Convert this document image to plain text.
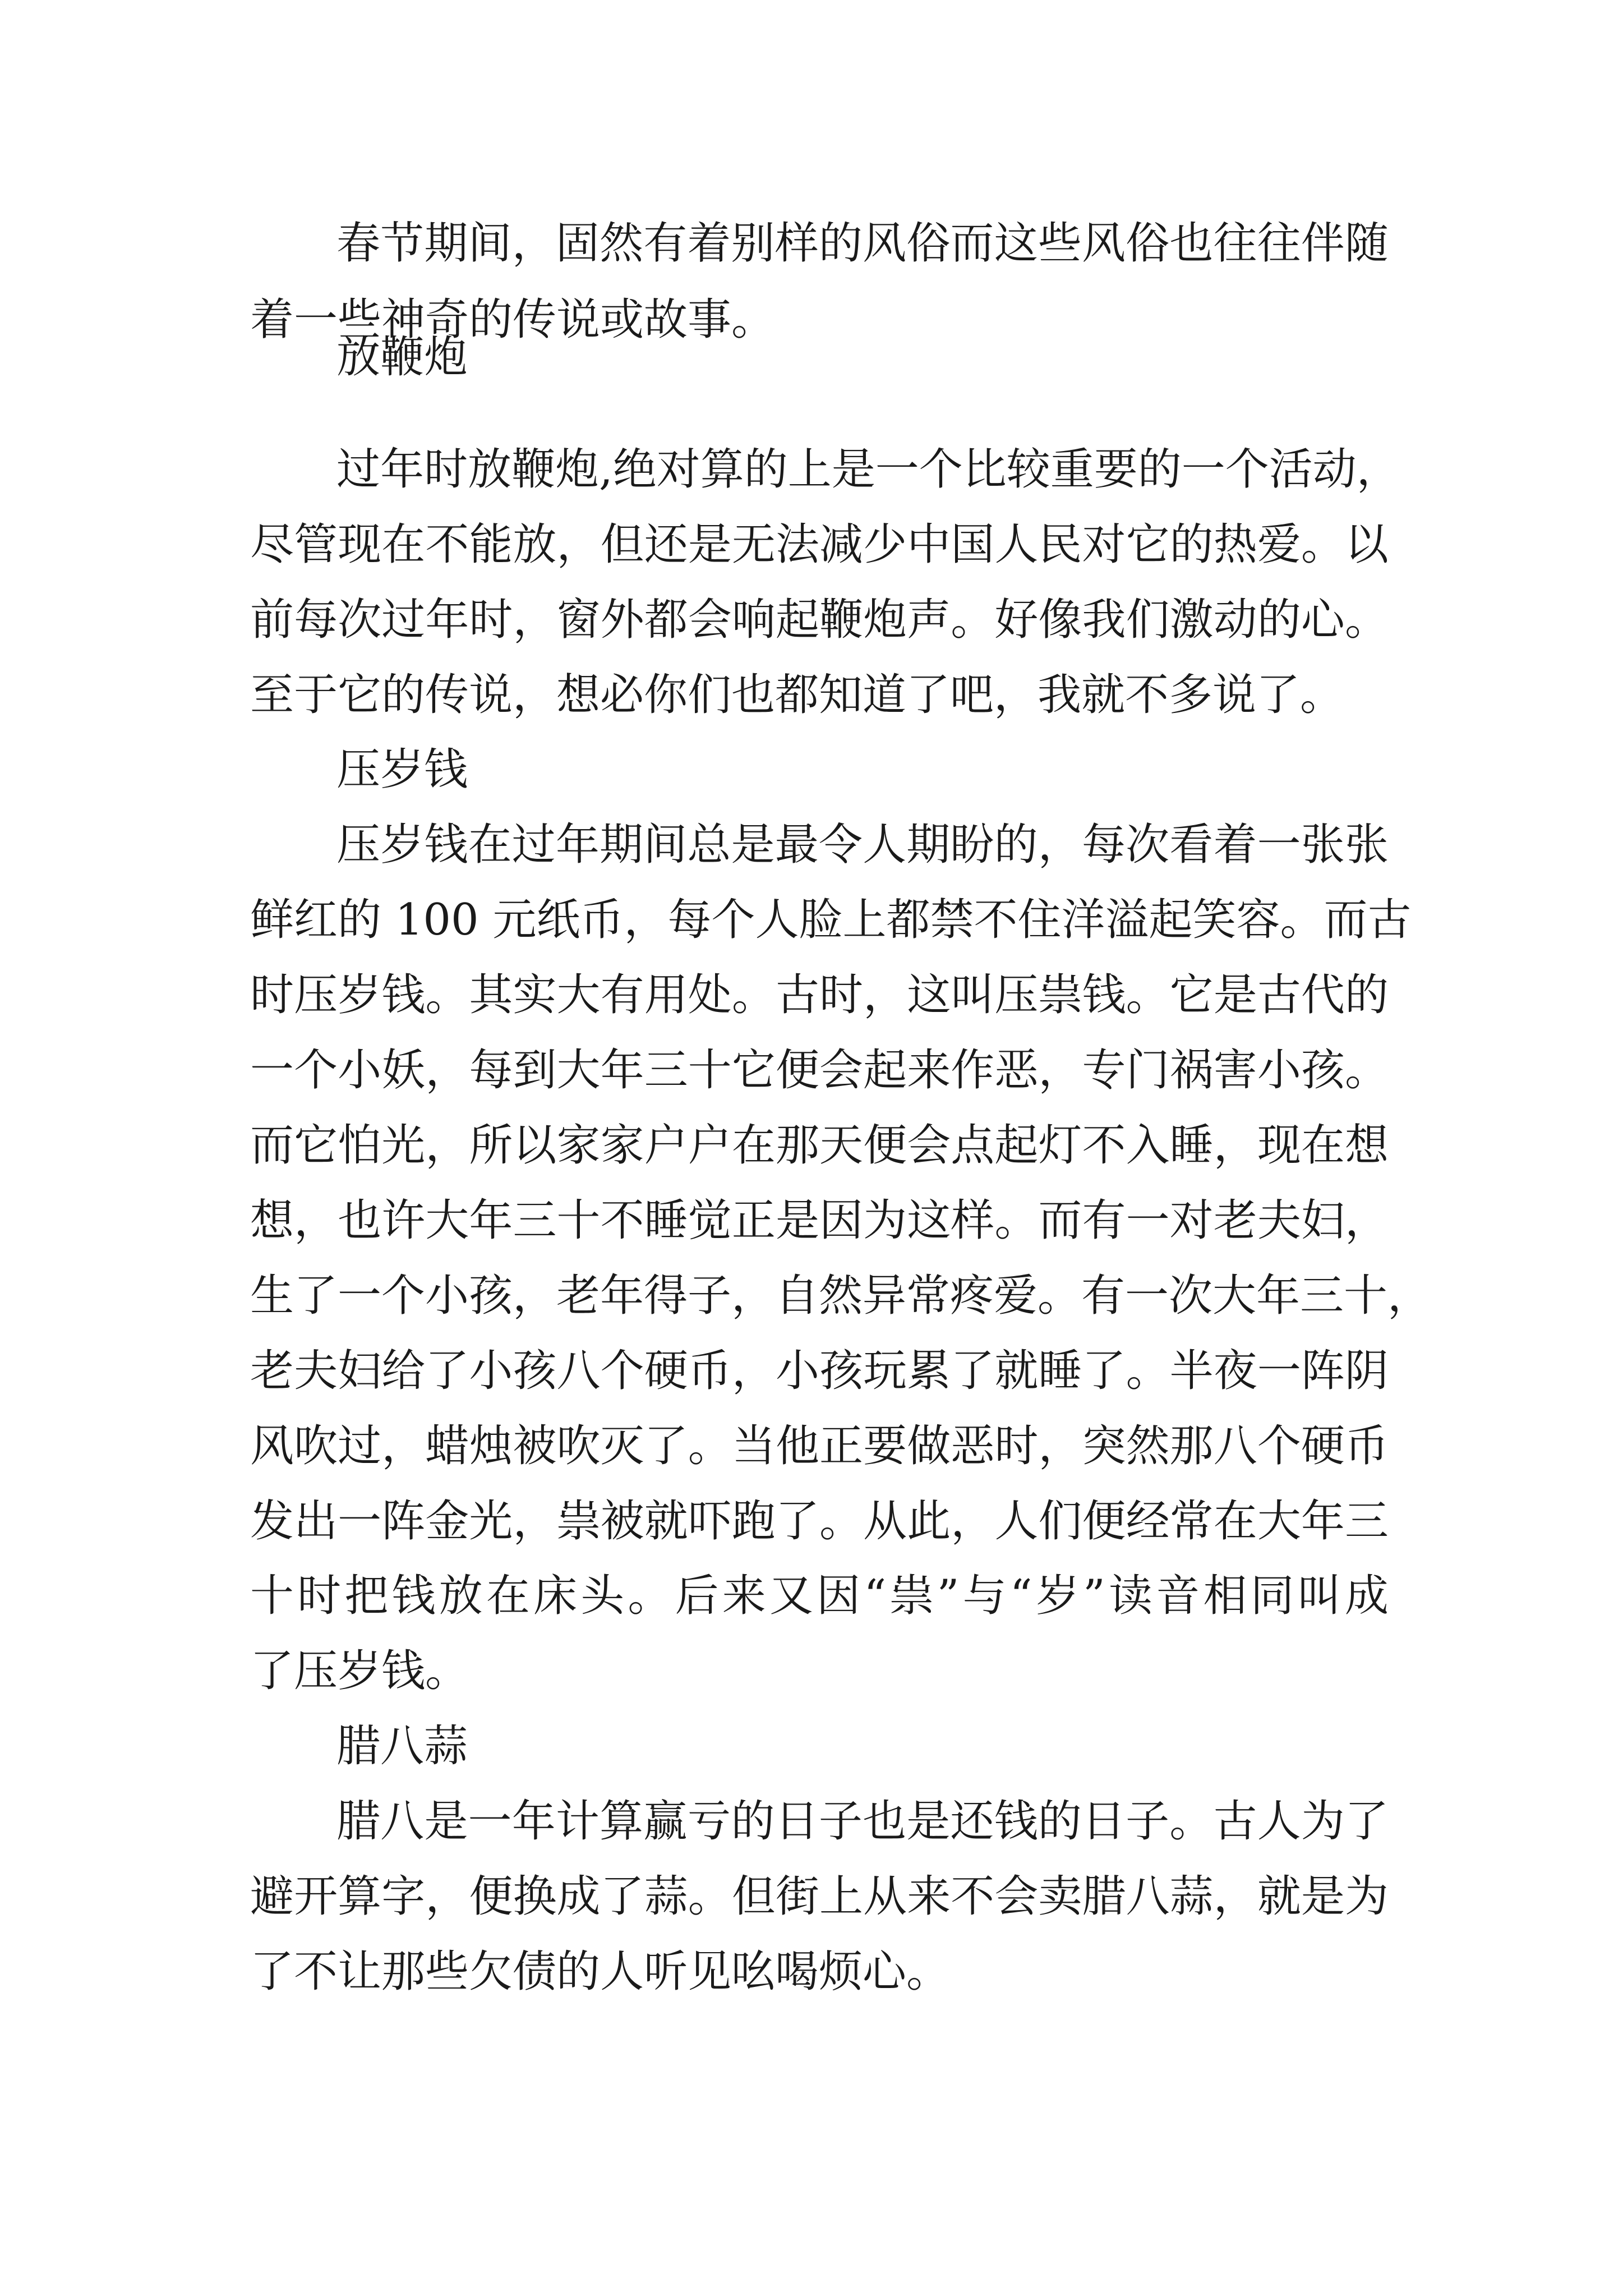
春节期间，固然有着别样的风俗而这些风俗也往往伴随

着一些神奇的传说或故事。

放鞭炮

过年时放鞭炮,绝对算的上是一个比较重要的一个活动，

尽管现在不能放，但还是无法减少中国人民对它的热爱。以

前每次过年时，窗外都会响起鞭炮声。好像我们激动的心。

至于它的传说，想必你们也都知道了吧，我就不多说了。

压岁钱

压岁钱在过年期间总是最令人期盼的，每次看着一张张

鲜红的 100 元纸币，每个人脸上都禁不住洋溢起笑容。而古

时压岁钱。其实大有用处。古时，这叫压祟钱。它是古代的

一个小妖，每到大年三十它便会起来作恶，专门祸害小孩。

而它怕光，所以家家户户在那天便会点起灯不入睡，现在想

想，也许大年三十不睡觉正是因为这样。而有一对老夫妇，

生了一个小孩，老年得子，自然异常疼爱。有一次大年三十，

老夫妇给了小孩八个硬币，小孩玩累了就睡了。半夜一阵阴

风吹过，蜡烛被吹灭了。当他正要做恶时，突然那八个硬币

发出一阵金光，祟被就吓跑了。从此，人们便经常在大年三

十时把钱放在床头。后来又因“祟”与“岁”读音相同叫成

了压岁钱。

腊八蒜

腊八是一年计算赢亏的日子也是还钱的日子。古人为了

避开算字，便换成了蒜。但街上从来不会卖腊八蒜，就是为

了不让那些欠债的人听见吆喝烦心。
